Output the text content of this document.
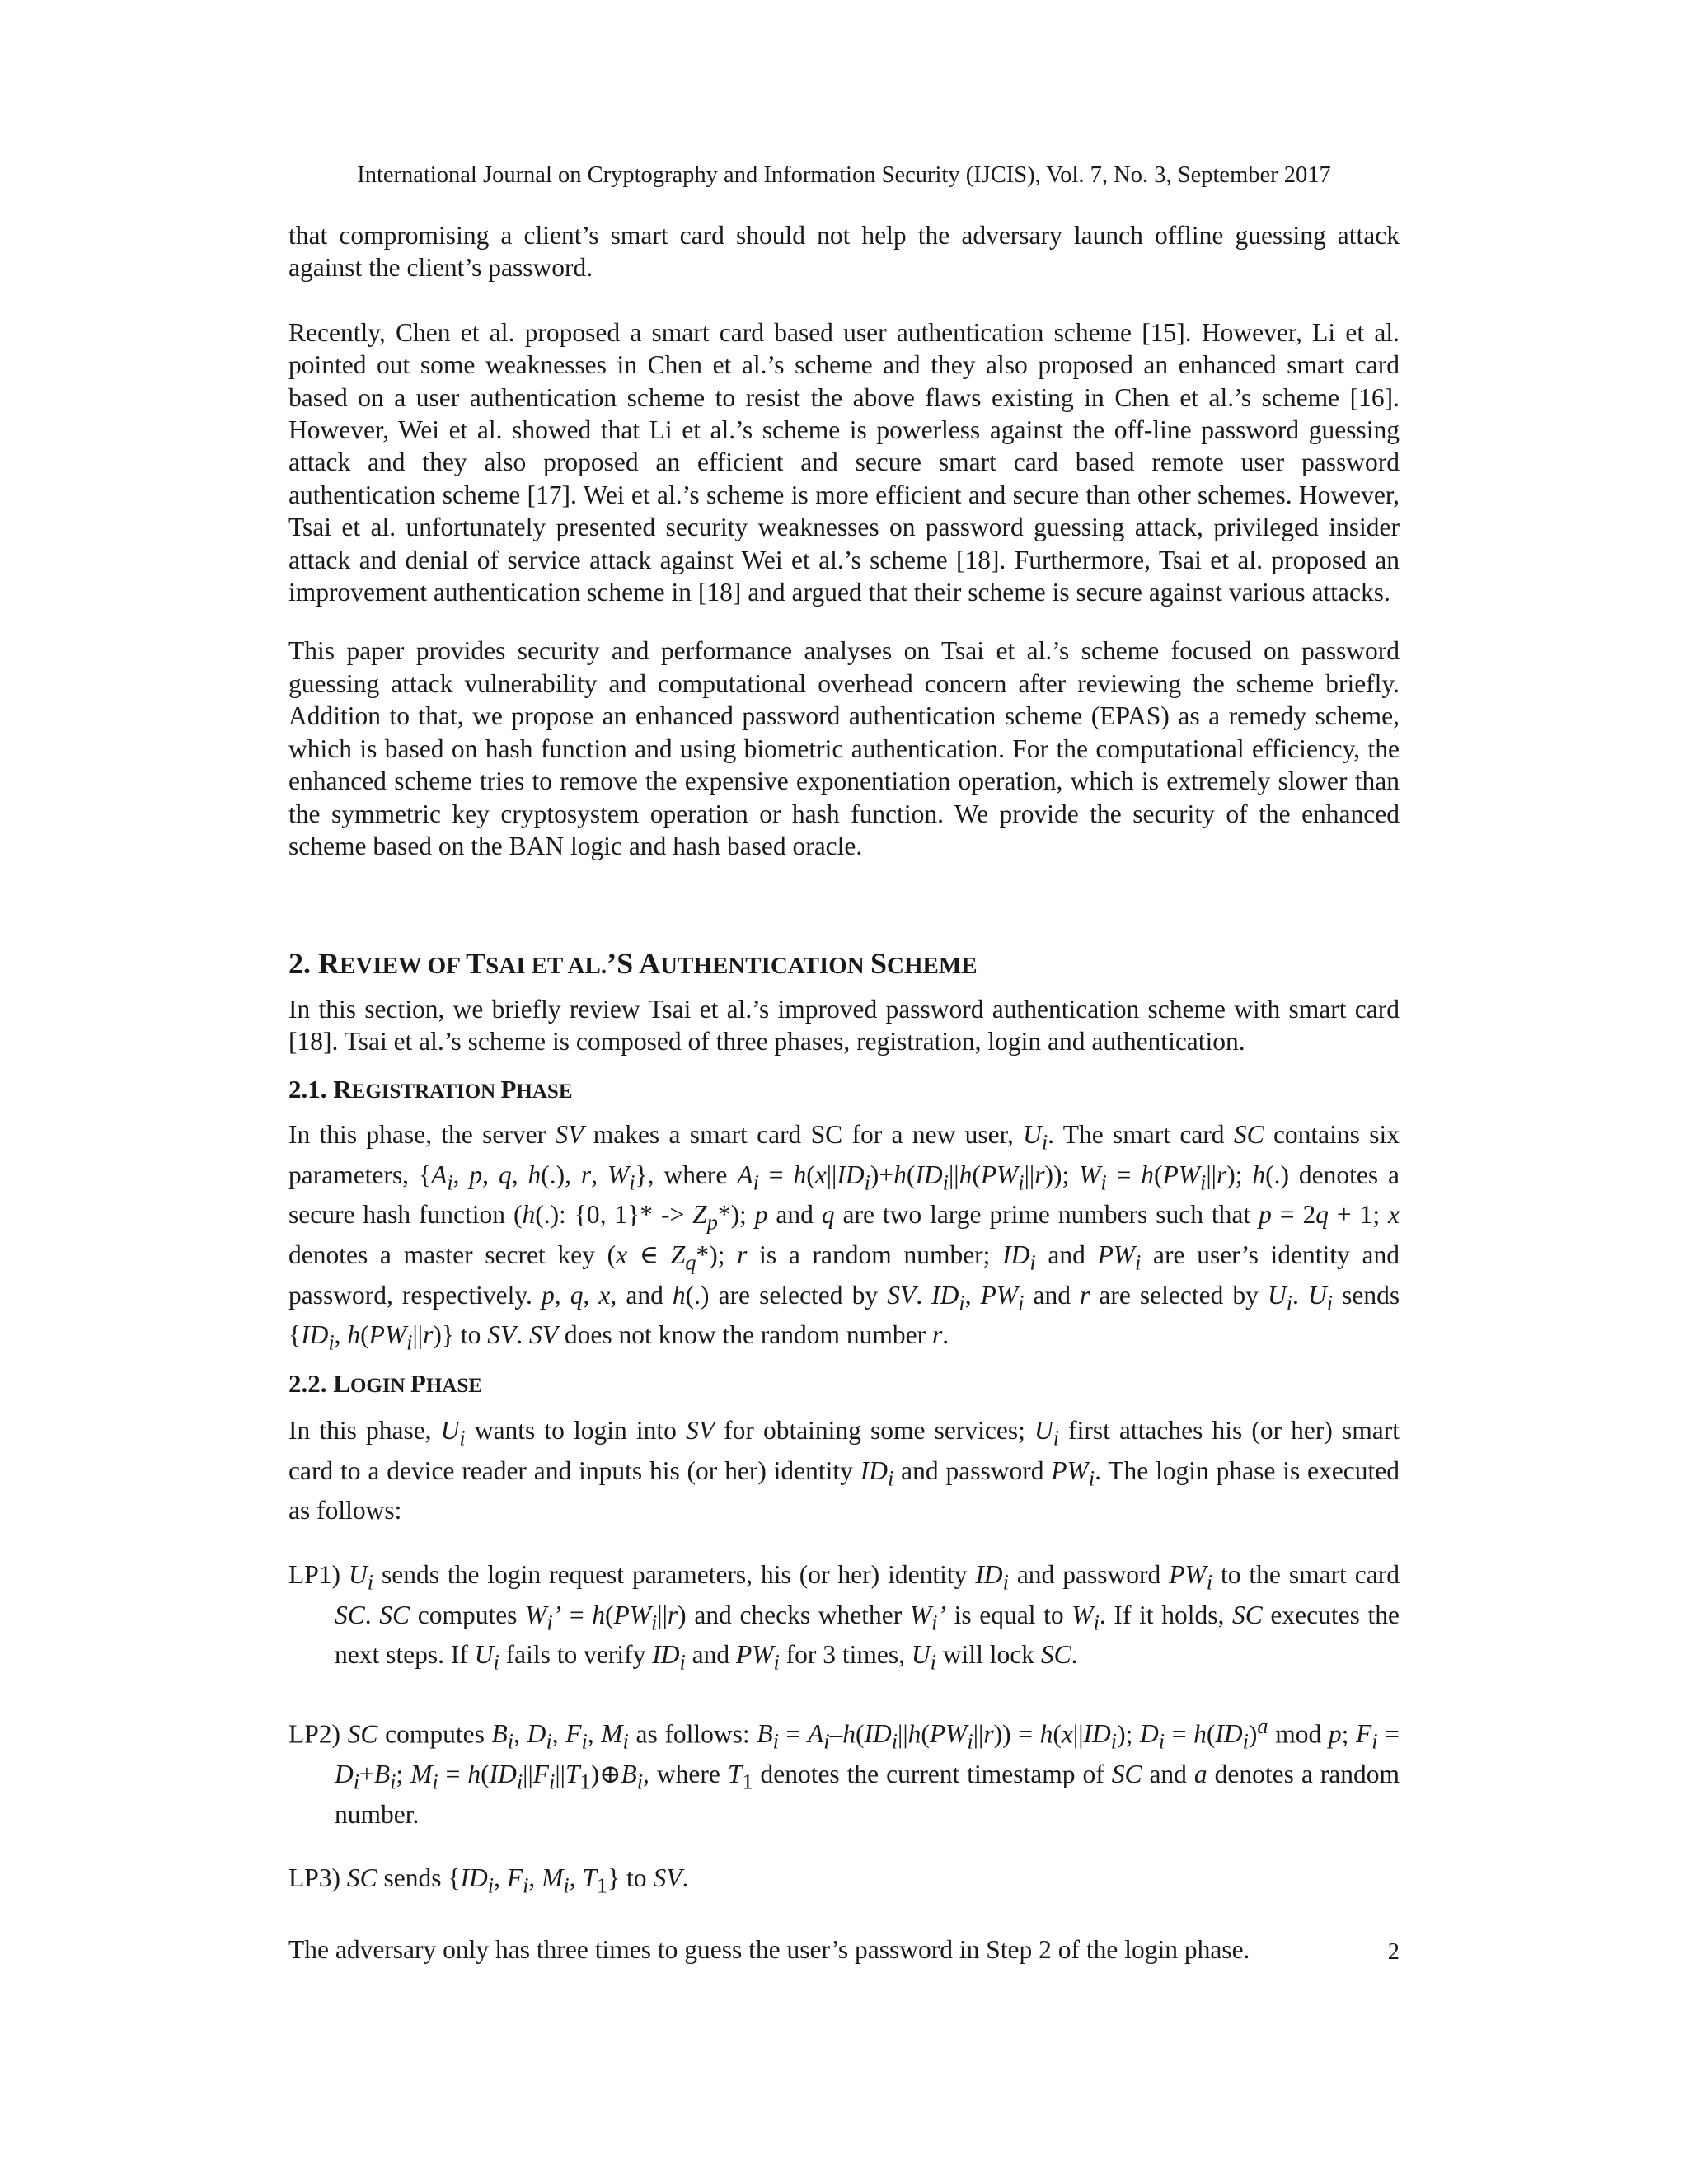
International Journal on Cryptography and Information Security (IJCIS), Vol. 7, No. 3, September 2017

that compromising a client’s smart card should not help the adversary launch offline guessing attack against the client’s password.

Recently, Chen et al. proposed a smart card based user authentication scheme [15]. However, Li et al. pointed out some weaknesses in Chen et al.’s scheme and they also proposed an enhanced smart card based on a user authentication scheme to resist the above flaws existing in Chen et al.’s scheme [16]. However, Wei et al. showed that Li et al.’s scheme is powerless against the off-line password guessing attack and they also proposed an efficient and secure smart card based remote user password authentication scheme [17]. Wei et al.’s scheme is more efficient and secure than other schemes. However, Tsai et al. unfortunately presented security weaknesses on password guessing attack, privileged insider attack and denial of service attack against Wei et al.’s scheme [18]. Furthermore, Tsai et al. proposed an improvement authentication scheme in [18] and argued that their scheme is secure against various attacks.

This paper provides security and performance analyses on Tsai et al.’s scheme focused on password guessing attack vulnerability and computational overhead concern after reviewing the scheme briefly. Addition to that, we propose an enhanced password authentication scheme (EPAS) as a remedy scheme, which is based on hash function and using biometric authentication. For the computational efficiency, the enhanced scheme tries to remove the expensive exponentiation operation, which is extremely slower than the symmetric key cryptosystem operation or hash function. We provide the security of the enhanced scheme based on the BAN logic and hash based oracle.

2. REVIEW OF TSAI ET AL.’S AUTHENTICATION SCHEME

In this section, we briefly review Tsai et al.’s improved password authentication scheme with smart card [18]. Tsai et al.’s scheme is composed of three phases, registration, login and authentication.

2.1. REGISTRATION PHASE

In this phase, the server SV makes a smart card SC for a new user, $U_i$. The smart card SC contains six parameters, {$A_i$, p, q, h(.), r, $W_i$}, where $A_i = h(x||ID_i)+h(ID_i||h(PW_i||r))$; $W_i = h(PW_i||r)$; h(.) denotes a secure hash function (h(.): {0, $1\}* -> Z_p*$); p and q are two large prime numbers such that p = 2q + 1; x denotes a master secret key (x ∈ $Z_q*$); r is a random number; $ID_i$ and $PW_i$ are user’s identity and password, respectively. p, q, x, and h(.) are selected by SV. $ID_i$, $PW_i$ and r are selected by $U_i$. $U_i$ sends {$ID_i$, $h(PW_i||r)$} to SV. SV does not know the random number r.

2.2. LOGIN PHASE

In this phase, $U_i$ wants to login into SV for obtaining some services; $U_i$ first attaches his (or her) smart card to a device reader and inputs his (or her) identity $ID_i$ and password $PW_i$. The login phase is executed as follows:

LP1) $U_i$ sends the login request parameters, his (or her) identity $ID_i$ and password $PW_i$ to the smart card SC. SC computes $W_i$’ = $h(PW_i||r)$ and checks whether $W_i$’ is equal to $W_i$. If it holds, SC executes the next steps. If $U_i$ fails to verify $ID_i$ and $PW_i$ for 3 times, $U_i$ will lock SC.

LP2) SC computes $B_i$, $D_i$, $F_i$, $M_i$ as follows: $B_i = A_i-h(ID_i||h(PW_i||r)) = h(x||ID_i)$; $D_i = h(ID_i)^a$ mod p; $F_i = D_i+B_i$; $M_i$ = $h(ID_i||F_i||T_1)\oplus B_i$, where $T_1$ denotes the current timestamp of SC and a denotes a random number.

LP3) SC sends {$ID_i$, $F_i$, $M_i$, $T_1$} to SV.

The adversary only has three times to guess the user’s password in Step 2 of the login phase.	2
